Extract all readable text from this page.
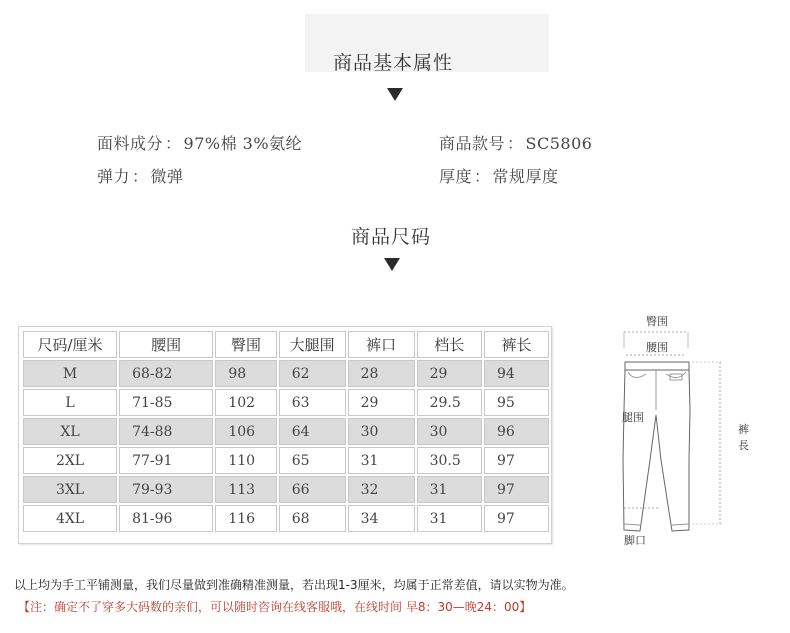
商品基本属性
面料成分 ： 97%棉 3%氨纶	商品款号 ： SC5806
弹力 ： 微弹	厚度 ： 常规厚度
商品尺码
尺码/厘米	腰围	臀围	大腿围	裤口	档长	裤长
M	68-82	98	62	28	29	94
L	71-85	102	63	29	29.5	95
XL	74-88	106	64	30	30	96
2XL	77-91	110	65	31	30.5	97
3XL	79-93	113	66	32	31	97
4XL	81-96	116	68	34	31	97
臀围
腰围
腿围
裤
長
脚口
以上均为手工平铺测量，我们尽量做到准确精准测量，若出现1-3厘米，均属于正常差值，请以实物为准。
【注：确定不了穿多大码数的亲们，可以随时咨询在线客服哦，在线时间 早8：30—晚24：00】
